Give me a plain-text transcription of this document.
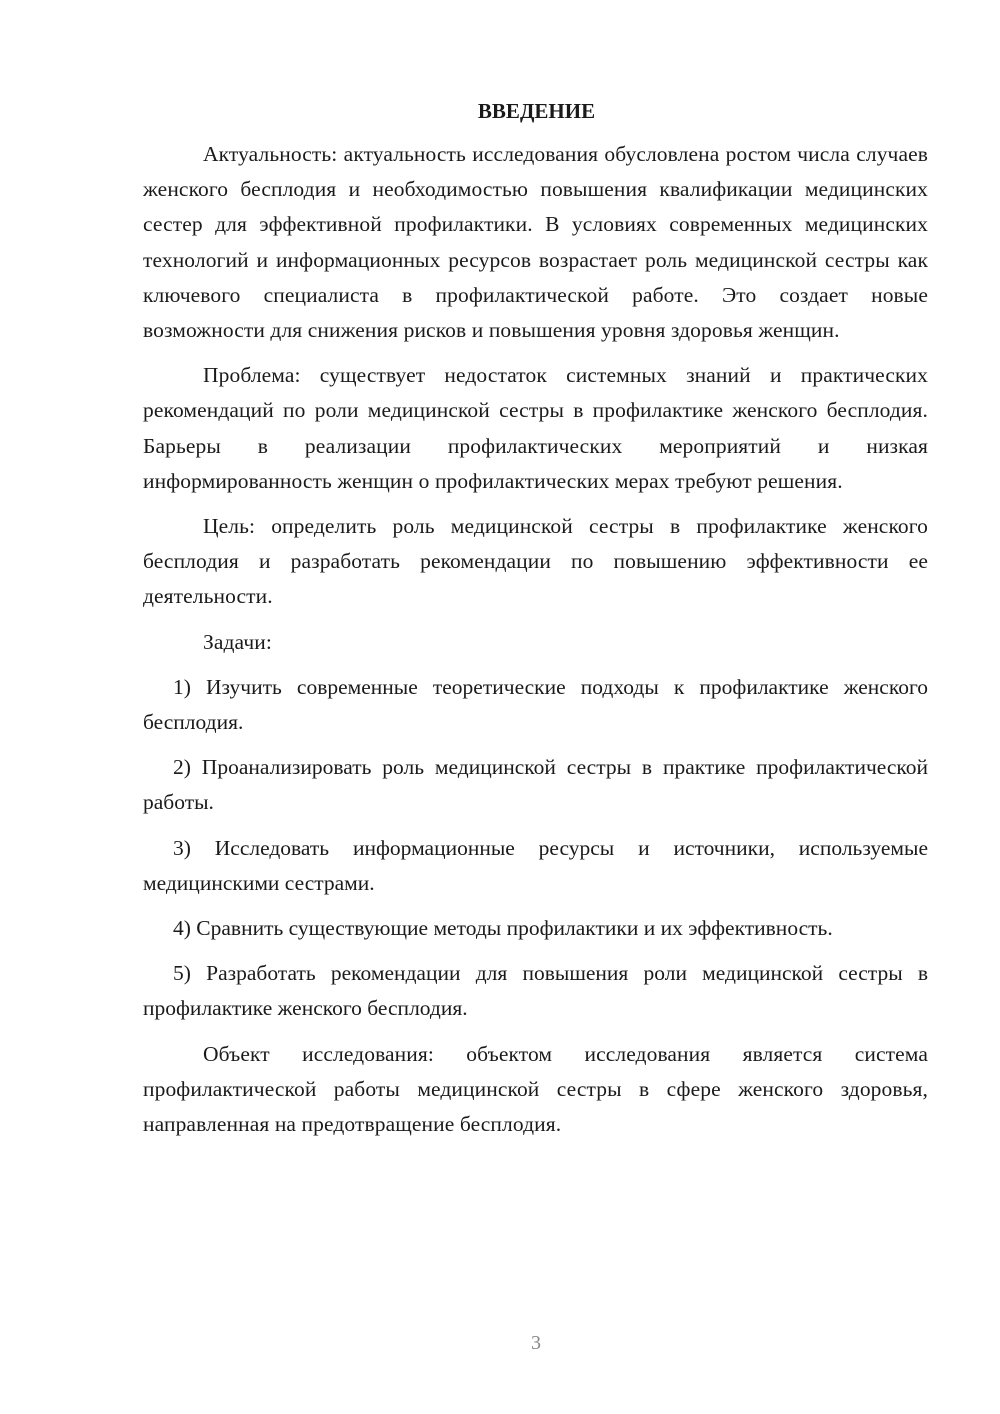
ВВЕДЕНИЕ

Актуальность: актуальность исследования обусловлена ростом числа случаев женского бесплодия и необходимостью повышения квалификации медицинских сестер для эффективной профилактики. В условиях современных медицинских технологий и информационных ресурсов возрастает роль медицинской сестры как ключевого специалиста в профилактической работе. Это создает новые возможности для снижения рисков и повышения уровня здоровья женщин.

Проблема: существует недостаток системных знаний и практических рекомендаций по роли медицинской сестры в профилактике женского бесплодия. Барьеры в реализации профилактических мероприятий и низкая информированность женщин о профилактических мерах требуют решения.

Цель: определить роль медицинской сестры в профилактике женского бесплодия и разработать рекомендации по повышению эффективности ее деятельности.

Задачи:

1) Изучить современные теоретические подходы к профилактике женского бесплодия.

2) Проанализировать роль медицинской сестры в практике профилактической работы.

3) Исследовать информационные ресурсы и источники, используемые медицинскими сестрами.

4) Сравнить существующие методы профилактики и их эффективность.

5) Разработать рекомендации для повышения роли медицинской сестры в профилактике женского бесплодия.

Объект исследования: объектом исследования является система профилактической работы медицинской сестры в сфере женского здоровья, направленная на предотвращение бесплодия.

3
